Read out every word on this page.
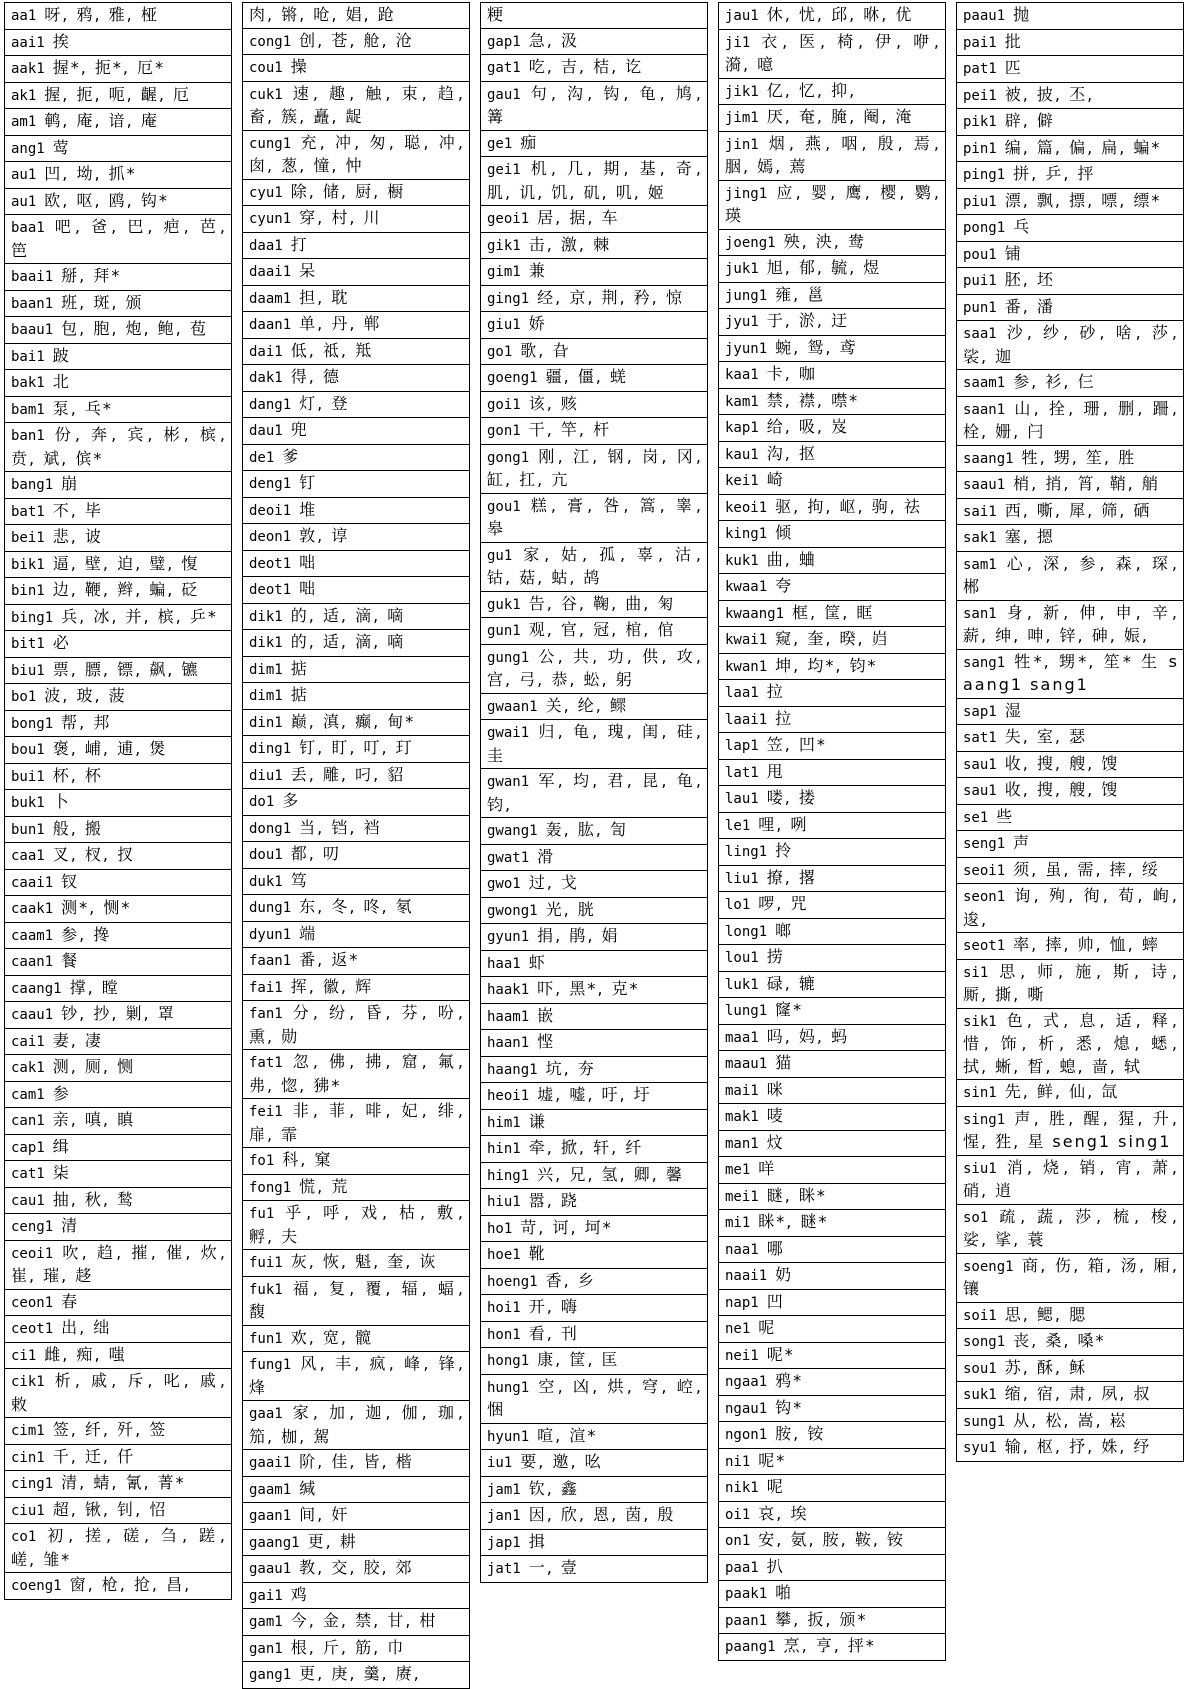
aa1 呀, 鸦, 雅, 桠
aai1 挨
aak1 握*, 扼*, 厄*
ak1 握, 扼, 呃, 齷, 厄
am1 鹌, 庵, 谙, 庵
ang1 莺
au1 凹, 坳, 抓*
au1 欧, 呕, 鸥, 钩*
baa1 吧, 爸, 巴, 疤, 芭, 笆
baai1 掰, 拜*
baan1 班, 斑, 颁
baau1 包, 胞, 炮, 鲍, 苞
bai1 跛
bak1 北
bam1 泵, 乓*
ban1 份, 奔, 宾, 彬, 槟, 贲, 斌, 傧*
bang1 崩
bat1 不, 毕
bei1 悲, 诐
bik1 逼, 壁, 迫, 璧, 愎
bin1 边, 鞭, 辫, 蝙, 砭
bing1 兵, 冰, 并, 槟, 乒*
bit1 必
biu1 票, 膘, 镖, 飙, 镳
bo1 波, 玻, 菠
bong1 帮, 邦
bou1 褒, 峬, 逋, 煲
bui1 杯, 杯
buk1 卜
bun1 般, 搬
caa1 叉, 杈, 扠
caai1 钗
caak1 测*, 恻*
caam1 参, 搀
caan1 餐
caang1 撑, 瞠
caau1 钞, 抄, 剿, 罩
cai1 妻, 凄
cak1 测, 厕, 恻
cam1 参
can1 亲, 嗔, 瞋
cap1 缉
cat1 柒
cau1 抽, 秋, 鹙
ceng1 清
ceoi1 吹, 趋, 摧, 催, 炊, 崔, 璀, 趍
ceon1 春
ceot1 出, 绌
ci1 雌, 痴, 嗤
cik1 析, 戚, 斥, 叱, 戚, 敕
cim1 签, 纤, 歼, 签
cin1 千, 迁, 仟
cing1 清, 蜻, 氰, 菁*
ciu1 超, 锹, 钊, 怊
co1 初, 搓, 磋, 刍, 蹉, 嵯, 雏*
coeng1 窗, 枪, 抢, 昌,
肉, 锵, 呛, 娼, 跄
cong1 创, 苍, 舱, 沧
cou1 操
cuk1 速, 趣, 触, 束, 趋, 畜, 簇, 矗, 龊
cung1 充, 冲, 匆, 聪, 冲, 囱, 葱, 憧, 忡
cyu1 除, 储, 厨, 橱
cyun1 穿, 村, 川
daa1 打
daai1 呆
daam1 担, 耽
daan1 单, 丹, 郸
dai1 低, 祗, 羝
dak1 得, 德
dang1 灯, 登
dau1 兜
de1 爹
deng1 钉
deoi1 堆
deon1 敦, 谆
deot1 咄
deot1 咄
dik1 的, 适, 滴, 嘀
dik1 的, 适, 滴, 嘀
dim1 掂
dim1 掂
din1 巅, 滇, 癫, 甸*
ding1 钉, 盯, 叮, 玎
diu1 丢, 雕, 叼, 貂
do1 多
dong1 当, 铛, 裆
dou1 都, 叨
duk1 笃
dung1 东, 冬, 咚, 氡
dyun1 端
faan1 番, 返*
fai1 挥, 徽, 辉
fan1 分, 纷, 昏, 芬, 吩, 熏, 勋
fat1 忽, 佛, 拂, 窟, 氟, 弗, 惚, 狒*
fei1 非, 菲, 啡, 妃, 绯, 扉, 霏
fo1 科, 窠
fong1 慌, 荒
fu1 乎, 呼, 戏, 枯, 敷, 孵, 夫
fui1 灰, 恢, 魁, 奎, 诙
fuk1 福, 复, 覆, 辐, 蝠, 馥
fun1 欢, 宽, 髋
fung1 风, 丰, 疯, 峰, 锋, 烽
gaa1 家, 加, 迦, 伽, 珈, 笳, 枷, 駕
gaai1 阶, 佳, 皆, 楷
gaam1 缄
gaan1 间, 奸
gaang1 更, 耕
gaau1 教, 交, 胶, 郊
gai1 鸡
gam1 今, 金, 禁, 甘, 柑
gan1 根, 斤, 筋, 巾
gang1 更, 庚, 羹, 赓,
粳
gap1 急, 汲
gat1 吃, 吉, 桔, 讫
gau1 句, 沟, 钩, 龟, 鸠, 篝
ge1 痂
gei1 机, 几, 期, 基, 奇, 肌, 讥, 饥, 矶, 叽, 姬
geoi1 居, 据, 车
gik1 击, 激, 棘
gim1 兼
ging1 经, 京, 荆, 矜, 惊
giu1 娇
go1 歌, 旮
goeng1 疆, 僵, 蜣
goi1 该, 赅
gon1 干, 竿, 杆
gong1 刚, 江, 钢, 岗, 冈, 缸, 扛, 亢
gou1 糕, 膏, 咎, 篙, 睾, 皋
gu1 家, 姑, 孤, 辜, 沽, 钴, 菇, 蛄, 鸪
guk1 告, 谷, 鞠, 曲, 匊
gun1 观, 官, 冠, 棺, 倌
gung1 公, 共, 功, 供, 攻, 宫, 弓, 恭, 蚣, 躬
gwaan1 关, 纶, 鳏
gwai1 归, 龟, 瑰, 闺, 硅, 圭
gwan1 军, 均, 君, 昆, 龟, 钧,
gwang1 轰, 肱, 訇
gwat1 滑
gwo1 过, 戈
gwong1 光, 胱
gyun1 捐, 鹃, 娟
haa1 虾
haak1 吓, 黑*, 克*
haam1 嵌
haan1 悭
haang1 坑, 夯
heoi1 墟, 嘘, 吁, 圩
him1 谦
hin1 牵, 掀, 轩, 纤
hing1 兴, 兄, 氢, 卿, 馨
hiu1 嚣, 跷
ho1 苛, 诃, 坷*
hoe1 靴
hoeng1 香, 乡
hoi1 开, 嗨
hon1 看, 刊
hong1 康, 筐, 匡
hung1 空, 凶, 烘, 穹, 崆, 悃
hyun1 喧, 渲*
iu1 要, 邀, 吆
jam1 钦, 鑫
jan1 因, 欣, 恩, 茵, 殷
jap1 揖
jat1 一, 壹
jau1 休, 忧, 邱, 咻, 优
ji1 衣, 医, 椅, 伊, 咿, 漪, 噫
jik1 亿, 忆, 抑,
jim1 厌, 奄, 腌, 阉, 淹
jin1 烟, 燕, 咽, 殷, 焉, 胭, 嫣, 蔫
jing1 应, 婴, 鹰, 樱, 鹦, 瑛
joeng1 殃, 泱, 鸯
juk1 旭, 郁, 毓, 煜
jung1 雍, 邕
jyu1 于, 淤, 迂
jyun1 蜿, 鸳, 鸢
kaa1 卡, 咖
kam1 禁, 襟, 噤*
kap1 给, 吸, 岌
kau1 沟, 抠
kei1 崎
keoi1 驱, 拘, 岖, 驹, 祛
king1 倾
kuk1 曲, 蛐
kwaa1 夸
kwaang1 框, 筐, 眶
kwai1 窥, 奎, 暌, 岿
kwan1 坤, 均*, 钧*
laa1 拉
laai1 拉
lap1 笠, 凹*
lat1 甩
lau1 喽, 搂
le1 哩, 咧
ling1 拎
liu1 撩, 撂
lo1 啰, 咒
long1 啷
lou1 捞
luk1 碌, 辘
lung1 窿*
maa1 吗, 妈, 蚂
maau1 猫
mai1 咪
mak1 唛
man1 炆
me1 咩
mei1 瞇, 眯*
mi1 眯*, 瞇*
naa1 哪
naai1 奶
nap1 凹
ne1 呢
nei1 呢*
ngaa1 鸦*
ngau1 钩*
ngon1 胺, 铵
ni1 呢*
nik1 呢
oi1 哀, 埃
on1 安, 氨, 胺, 鞍, 铵
paa1 扒
paak1 啪
paan1 攀, 扳, 颁*
paang1 烹, 亨, 抨*
paau1 抛
pai1 批
pat1 匹
pei1 被, 披, 丕,
pik1 辟, 僻
pin1 编, 篇, 偏, 扁, 蝙*
ping1 拼, 乒, 抨
piu1 漂, 飘, 摽, 嘌, 缥*
pong1 乓
pou1 铺
pui1 胚, 坯
pun1 番, 潘
saa1 沙, 纱, 砂, 啥, 莎, 裟, 迦
saam1 参, 衫, 仨
saan1 山, 拴, 珊, 删, 跚, 栓, 姗, 闩
saang1 牲, 甥, 笙, 胜
saau1 梢, 捎, 筲, 鞘, 艄
sai1 西, 嘶, 犀, 筛, 硒
sak1 塞, 摁
sam1 心, 深, 参, 森, 琛, 郴
san1 身, 新, 伸, 申, 辛, 薪, 绅, 呻, 锌, 砷, 娠,
sang1 牲*, 甥*, 笙* 生 saang1 sang1
sap1 湿
sat1 失, 室, 瑟
sau1 收, 搜, 艘, 馊
sau1 收, 搜, 艘, 馊
se1 些
seng1 声
seoi1 须, 虽, 需, 摔, 绥
seon1 询, 殉, 徇, 荀, 峋, 逡,
seot1 率, 摔, 帅, 恤, 蟀
si1 思, 师, 施, 斯, 诗, 厮, 撕, 嘶
sik1 色, 式, 息, 适, 释, 惜, 饰, 析, 悉, 熄, 蟋, 拭, 蜥, 晳, 螅, 啬, 轼
sin1 先, 鲜, 仙, 氙
sing1 声, 胜, 醒, 猩, 升, 惺, 狌, 星 seng1 sing1
siu1 消, 烧, 销, 宵, 萧, 硝, 逍
so1 疏, 蔬, 莎, 梳, 梭, 娑, 挲, 蓑
soeng1 商, 伤, 箱, 汤, 厢, 镶
soi1 思, 鳃, 腮
song1 丧, 桑, 嗓*
sou1 苏, 酥, 稣
suk1 缩, 宿, 肃, 夙, 叔
sung1 从, 松, 嵩, 崧
syu1 输, 枢, 抒, 姝, 纾
